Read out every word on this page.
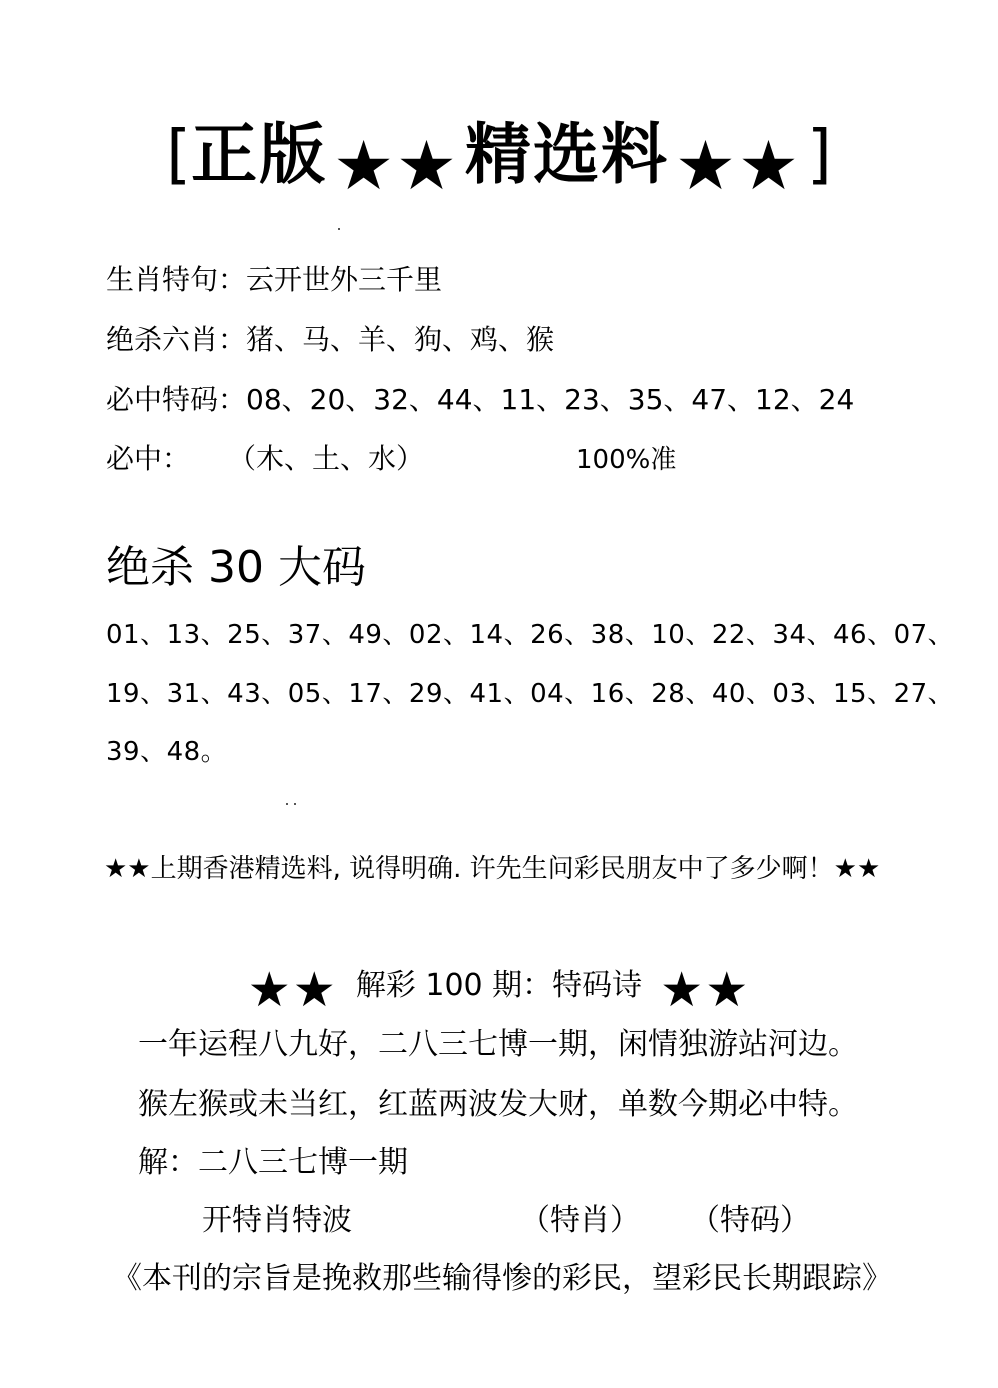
[ 正版 ★★ 精选料 ★★ ]
生肖特句：云开世外三千里
绝杀六肖：猪、马、羊、狗、鸡、猴
必中特码：08、20、32、44、11、23、35、47、12、24
必中： （木、土、水）	100%准
绝杀 30 大码
01、13、25、37、49、02、14、26、38、10、22、34、46、07、
19、31、43、05、17、29、41、04、16、28、40、03、15、27、
39、48。
★★上期香港精选料, 说得明确. 许先生问彩民朋友中了多少啊！★★
★★ 解彩 100 期：特码诗 ★★
一年运程八九好，二八三七博一期，闲情独游站河边。
猴左猴或未当红，红蓝两波发大财，单数今期必中特。
解：二八三七博一期
开特肖特波	（特肖） （特码）
《本刊的宗旨是挽救那些输得惨的彩民，望彩民长期跟踪》
